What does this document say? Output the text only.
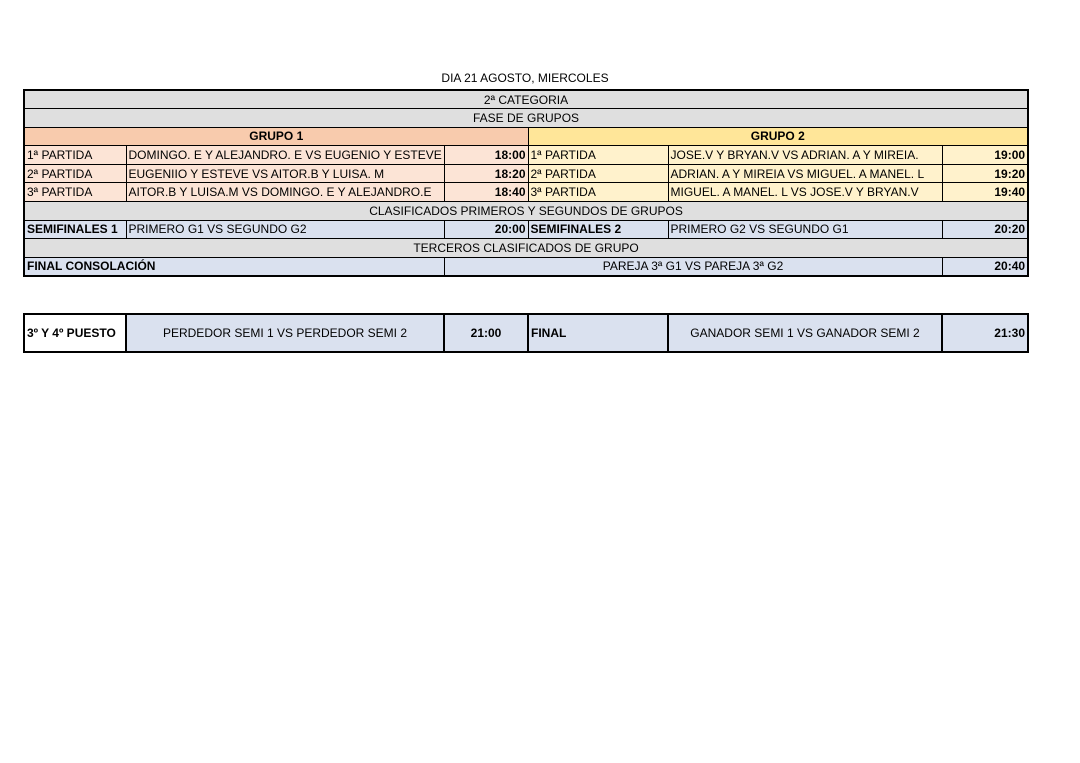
DIA 21 AGOSTO, MIERCOLES
2ª CATEGORIA					
FASE DE GRUPOS					
GRUPO 1			GRUPO 2		
1ª PARTIDA	DOMINGO. E Y ALEJANDRO. E VS EUGENIO Y ESTEVE	18:00	1ª PARTIDA	JOSE.V Y BRYAN.V VS ADRIAN. A Y MIREIA.	19:00
2ª PARTIDA	EUGENIIO Y ESTEVE VS AITOR.B Y LUISA. M	18:20	2ª PARTIDA	ADRIAN. A Y MIREIA VS MIGUEL. A MANEL. L	19:20
3ª PARTIDA	AITOR.B Y LUISA.M VS DOMINGO. E Y ALEJANDRO.E	18:40	3ª PARTIDA	MIGUEL. A MANEL. L VS JOSE.V Y BRYAN.V	19:40
CLASIFICADOS PRIMEROS Y SEGUNDOS DE GRUPOS					
SEMIFINALES 1	PRIMERO G1 VS SEGUNDO G2	20:00	SEMIFINALES 2	PRIMERO G2 VS SEGUNDO G1	20:20
TERCEROS CLASIFICADOS DE GRUPO					
FINAL CONSOLACIÓN		PAREJA 3ª G1 VS PAREJA 3ª G2			20:40
3º Y 4º PUESTO	PERDEDOR SEMI 1 VS PERDEDOR SEMI 2	21:00	FINAL	GANADOR SEMI 1 VS GANADOR SEMI 2	21:30
